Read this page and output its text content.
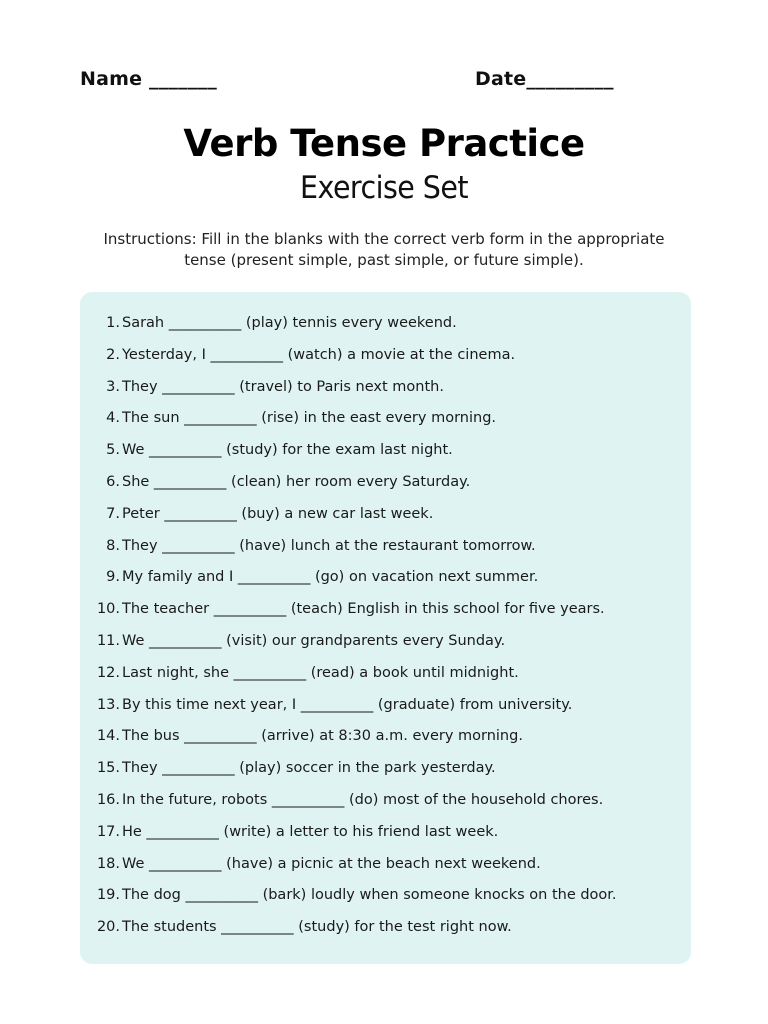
Name _______	Date_________
Verb Tense Practice
Exercise Set
Instructions: Fill in the blanks with the correct verb form in the appropriate tense (present simple, past simple, or future simple).
1. Sarah __________ (play) tennis every weekend.
2. Yesterday, I __________ (watch) a movie at the cinema.
3. They __________ (travel) to Paris next month.
4. The sun __________ (rise) in the east every morning.
5. We __________ (study) for the exam last night.
6. She __________ (clean) her room every Saturday.
7. Peter __________ (buy) a new car last week.
8. They __________ (have) lunch at the restaurant tomorrow.
9. My family and I __________ (go) on vacation next summer.
10. The teacher __________ (teach) English in this school for five years.
11. We __________ (visit) our grandparents every Sunday.
12. Last night, she __________ (read) a book until midnight.
13. By this time next year, I __________ (graduate) from university.
14. The bus __________ (arrive) at 8:30 a.m. every morning.
15. They __________ (play) soccer in the park yesterday.
16. In the future, robots __________ (do) most of the household chores.
17. He __________ (write) a letter to his friend last week.
18. We __________ (have) a picnic at the beach next weekend.
19. The dog __________ (bark) loudly when someone knocks on the door.
20. The students __________ (study) for the test right now.
